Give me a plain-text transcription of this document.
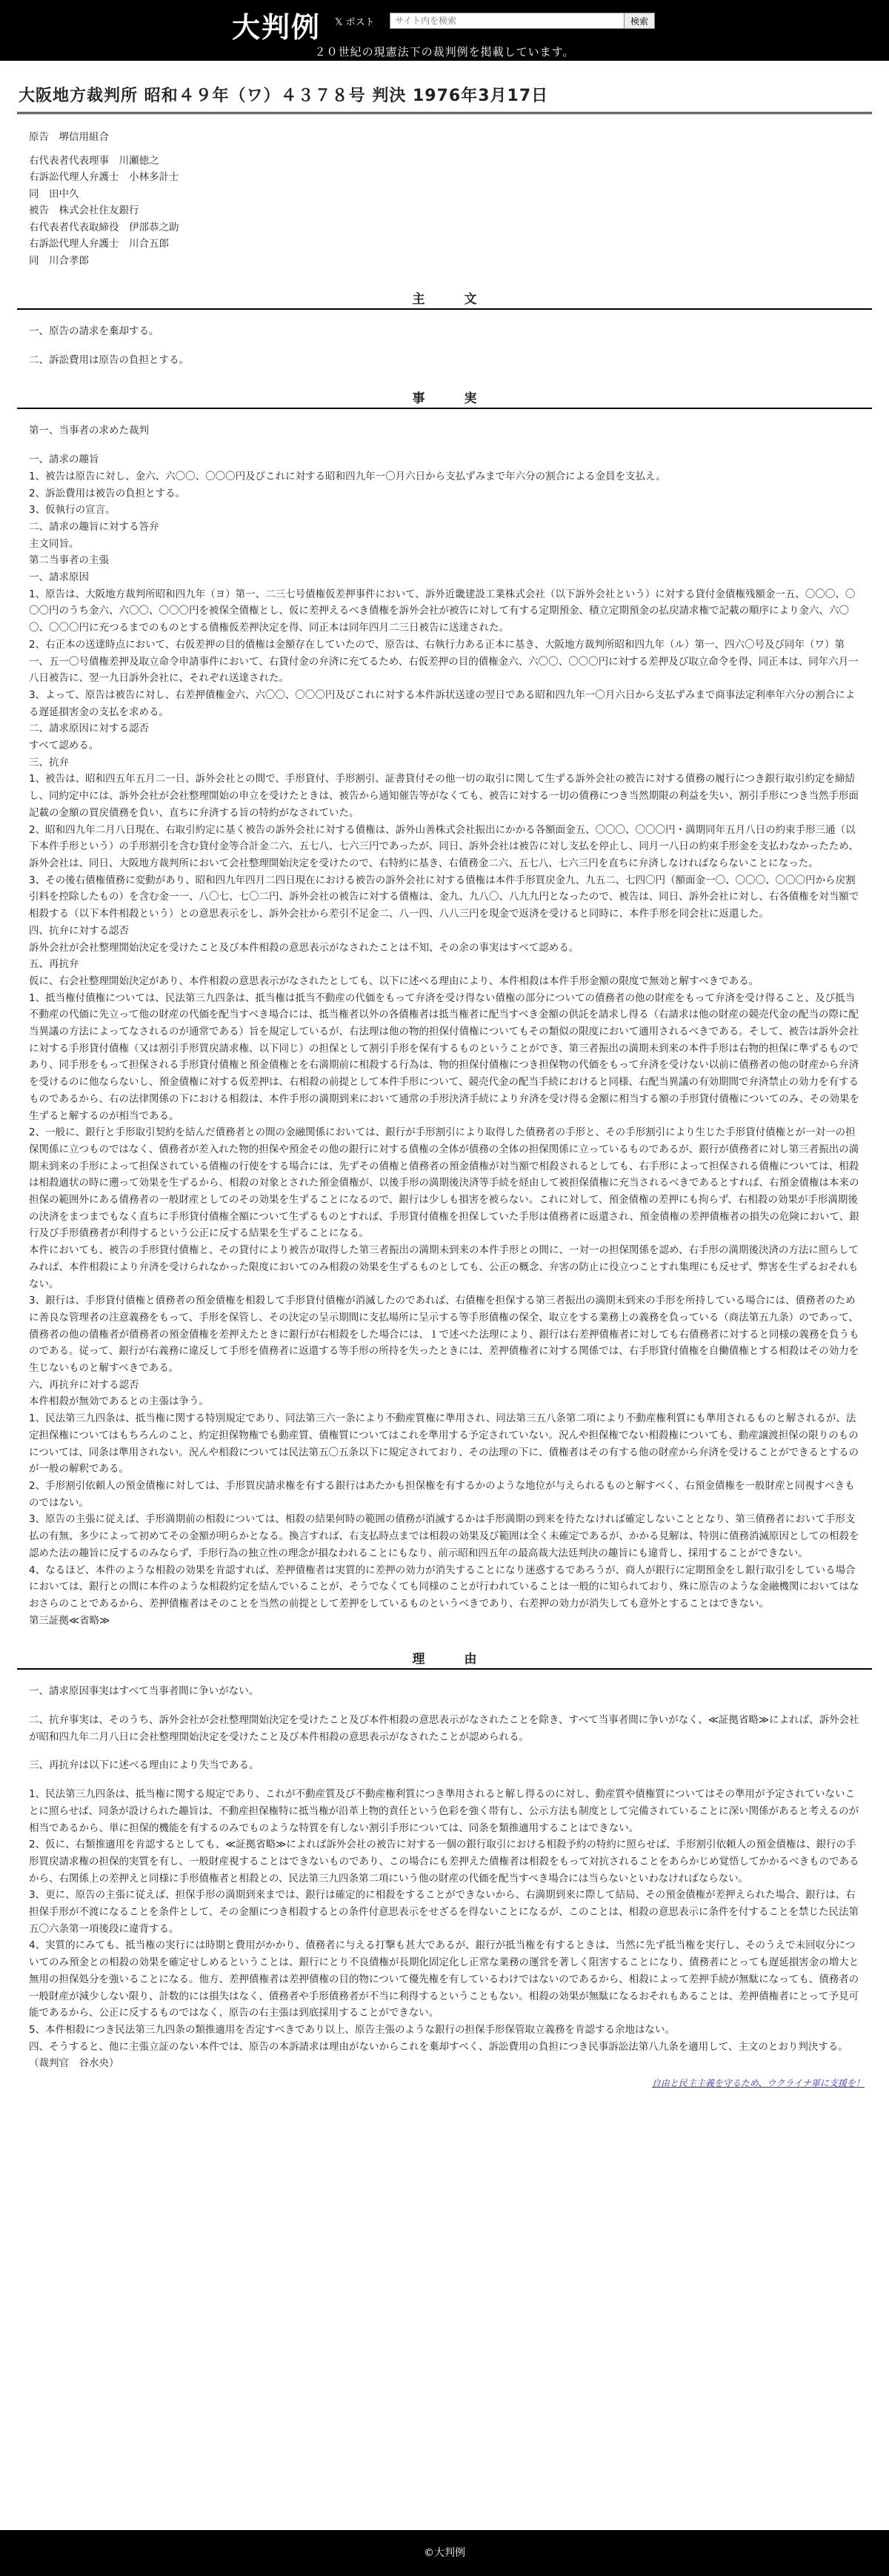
大判例 𝕏 ポスト
サイト内を検索	検索
２０世紀の現憲法下の裁判例を掲載しています。
大阪地方裁判所 昭和４９年（ワ）４３７８号 判決 1976年3月17日
原告　堺信用組合
右代表者代表理事　川瀬徳之
右訴訟代理人弁護士　小林多計士
同　田中久
被告　株式会社住友銀行
右代表者代表取締役　伊部恭之助
右訴訟代理人弁護士　川合五郎
同　川合孝郎
主　文

一、原告の請求を棄却する。

二、訴訟費用は原告の負担とする。

事　実

第一、当事者の求めた裁判

一、請求の趣旨

1、被告は原告に対し、金六、六〇〇、〇〇〇円及びこれに対する昭和四九年一〇月六日から支払ずみまで年六分の割合による金員を支払え。

2、訴訟費用は被告の負担とする。

3、仮執行の宣言。

二、請求の趣旨に対する答弁

主文同旨。

第二当事者の主張

一、請求原因

1、原告は、大阪地方裁判所昭和四九年（ヨ）第一、二三七号債権仮差押事件において、訴外近畿建設工業株式会社（以下訴外会社という）に対する貸付金債権残額金一五、〇〇〇、〇〇〇円のうち金六、六〇〇、〇〇〇円を被保全債権とし、仮に差押えるべき債権を訴外会社が被告に対して有する定期預金、積立定期預金の払戻請求権で記載の順序により金六、六〇〇、〇〇〇円に充つるまでのものとする債権仮差押決定を得、同正本は同年四月二三日被告に送達された。

2、右正本の送達時点において、右仮差押の目的債権は金額存在していたので、原告は、右執行力ある正本に基き、大阪地方裁判所昭和四九年（ル）第一、四六〇号及び同年（ワ）第一、五一〇号債権差押及取立命令申請事件において、右貸付金の弁済に充てるため、右仮差押の目的債権金六、六〇〇、〇〇〇円に対する差押及び取立命令を得、同正本は、同年六月一八日被告に、翌一九日訴外会社に、それぞれ送達された。

3、よって、原告は被告に対し、右差押債権金六、六〇〇、〇〇〇円及びこれに対する本件訴状送達の翌日である昭和四九年一〇月六日から支払ずみまで商事法定利率年六分の割合による遅延損害金の支払を求める。

二、請求原因に対する認否

すべて認める。

三、抗弁

1、被告は、昭和四五年五月二一日、訴外会社との間で、手形貸付、手形割引、証書貸付その他一切の取引に関して生ずる訴外会社の被告に対する債務の履行につき銀行取引約定を締結し、同約定中には、訴外会社が会社整理開始の申立を受けたときは、被告から通知催告等がなくても、被告に対する一切の債務につき当然期限の利益を失い、割引手形につき当然手形面記載の金額の買戻債務を負い、直ちに弁済する旨の特約がなされていた。

2、昭和四九年二月八日現在、右取引約定に基く被告の訴外会社に対する債権は、訴外山善株式会社振出にかかる各額面金五、〇〇〇、〇〇〇円・満期同年五月八日の約束手形三通（以下本件手形という）の手形割引を含む貸付金等合計金二六、五七八、七六三円であったが、同日、訴外会社は被告に対し支払を停止し、同月一八日の約束手形金を支払わなかったため、訴外会社は、同日、大阪地方裁判所において会社整理開始決定を受けたので、右特約に基き、右債務金二六、五七八、七六三円を直ちに弁済しなければならないことになった。

3、その後右債権債務に変動があり、昭和四九年四月二四日現在における被告の訴外会社に対する債権は本件手形買戻金九、九五二、七四〇円（額面金一〇、〇〇〇、〇〇〇円から戻割引料を控除したもの）を含む金一一、八〇七、七〇二円、訴外会社の被告に対する債権は、金九、九八〇、八九九円となったので、被告は、同日、訴外会社に対し、右各債権を対当額で相殺する（以下本件相殺という）との意思表示をし、訴外会社から差引不足金二、八一四、八八三円を現金で返済を受けると同時に、本件手形を同会社に返還した。

四、抗弁に対する認否

訴外会社が会社整理開始決定を受けたこと及び本件相殺の意思表示がなされたことは不知、その余の事実はすべて認める。

五、再抗弁

仮に、右会社整理開始決定があり、本件相殺の意思表示がなされたとしても、以下に述べる理由により、本件相殺は本件手形金額の限度で無効と解すべきである。

1、抵当権付債権については、民法第三九四条は、抵当権は抵当不動産の代価をもって弁済を受け得ない債権の部分についての債務者の他の財産をもって弁済を受け得ること、及び抵当不動産の代価に先立って他の財産の代価を配当すべき場合には、抵当権者以外の各債権者は抵当権者に配当すべき金額の供託を請求し得る（右請求は他の財産の競売代金の配当の際に配当異議の方法によってなされるのが通常である）旨を規定しているが、右法理は他の物的担保付債権についてもその類似の限度において適用されるべきである。そして、被告は訴外会社に対する手形貸付債権（又は割引手形買戻請求権、以下同じ）の担保として割引手形を保有するものということができ、第三者振出の満期未到来の本件手形は右物的担保に準ずるものであり、同手形をもって担保される手形貸付債権と預金債権とを右満期前に相殺する行為は、物的担保付債権につき担保物の代価をもって弁済を受けない以前に債務者の他の財産から弁済を受けるのに他ならないし、預金債権に対する仮差押は、右相殺の前提として本件手形について、競売代金の配当手続におけると同様、右配当異議の有効期間で弁済禁止の効力を有するものであるから、右の法律関係の下における相殺は、本件手形の満期到来において通常の手形決済手続により弁済を受け得る金額に相当する額の手形貸付債権についてのみ、その効果を生ずると解するのが相当である。

2、一般に、銀行と手形取引契約を結んだ債務者との間の金融関係においては、銀行が手形割引により取得した債務者の手形と、その手形割引により生じた手形貸付債権とが一対一の担保関係に立つものではなく、債務者が差入れた物的担保や預金その他の銀行に対する債権の全体が債務の全体の担保関係に立っているものであるが、銀行が債務者に対し第三者振出の満期未到来の手形によって担保されている債権の行使をする場合には、先ずその債権と債務者の預金債権が対当額で相殺されるとしても、右手形によって担保される債権については、相殺は相殺適状の時に遡って効果を生ずるから、相殺の対象とされた預金債権が、以後手形の満期後決済等手続を経由して被担保債権に充当されるべきであるとすれば、右預金債権は本来の担保の範囲外にある債務者の一般財産としてのその効果を生ずることになるので、銀行は少しも損害を被らない。これに対して、預金債権の差押にも拘らず、右相殺の効果が手形満期後の決済をまつまでもなく直ちに手形貸付債権全額について生ずるものとすれば、手形貸付債権を担保していた手形は債務者に返還され、預金債権の差押債権者の損失の危険において、銀行及び手形債務者が利得するという公正に反する結果を生ずることになる。

本件においても、被告の手形貸付債権と、その貸付により被告が取得した第三者振出の満期未到来の本件手形との間に、一対一の担保関係を認め、右手形の満期後決済の方法に照らしてみれば、本件相殺により弁済を受けられなかった限度においてのみ相殺の効果を生ずるものとしても、公正の概念、弁害の防止に役立つことすれ集理にも反せず、弊害を生ずるおそれもない。

3、銀行は、手形貸付債権と債務者の預金債権を相殺して手形貸付債権が消滅したのであれば、右債権を担保する第三者振出の満期未到来の手形を所持している場合には、債務者のために善良な管理者の注意義務をもって、手形を保管し、その決定の呈示期間に支払場所に呈示する等手形債権の保全、取立をする業務上の義務を負っている（商法第五九条）のであって、債務者の他の債権者が債務者の預金債権を差押えたときに銀行が右相殺をした場合には、１で述べた法理により、銀行は右差押債権者に対しても右債務者に対すると同様の義務を負うものである。従って、銀行が右義務に違反して手形を債務者に返還する等手形の所持を失ったときには、差押債権者に対する関係では、右手形貸付債権を自働債権とする相殺はその効力を生じないものと解すべきである。

六、再抗弁に対する認否

本件相殺が無効であるとの主張は争う。

1、民法第三九四条は、抵当権に関する特別規定であり、同法第三六一条により不動産質権に準用され、同法第三五八条第二項により不動産権利質にも準用されるものと解されるが、法定担保権についてはもちろんのこと、約定担保物権でも動産質、債権質についてはこれを準用する予定されていない。況んや担保権でない相殺権についても、動産譲渡担保の限りのものについては、同条は準用されない。況んや相殺については民法第五〇五条以下に規定されており、その法理の下に、債権者はその有する他の財産から弁済を受けることができるとするのが一般の解釈である。

2、手形割引依頼人の預金債権に対しては、手形買戻請求権を有する銀行はあたかも担保権を有するかのような地位が与えられるものと解すべく、右預金債権を一般財産と同視すべきものではない。

3、原告の主張に従えば、手形満期前の相殺については、相殺の結果何時の範囲の債務が消滅するかは手形満期の到来を待たなければ確定しないこととなり、第三債務者において手形支払の有無、多少によって初めてその金額が明らかとなる。換言すれば、右支払時点までは相殺の効果及び範囲は全く未確定であるが、かかる見解は、特別に債務消滅原因としての相殺を認めた法の趣旨に反するのみならず、手形行為の独立性の理念が損なわれることにもなり、前示昭和四五年の最高裁大法廷判決の趣旨にも違背し、採用することができない。

4、なるほど、本件のような相殺の効果を肯認すれば、差押債権者は実質的に差押の効力が消失することになり迷惑するであろうが、商人が銀行に定期預金をし銀行取引をしている場合においては、銀行との間に本件のような相殺約定を結んでいることが、そうでなくても同様のことが行われていることは一般的に知られており、殊に原告のような金融機関においてはなおさらのことであるから、差押債権者はそのことを当然の前提として差押をしているものというべきであり、右差押の効力が消失しても意外とすることはできない。

第三証拠≪省略≫

理　由

一、請求原因事実はすべて当事者間に争いがない。

二、抗弁事実は、そのうち、訴外会社が会社整理開始決定を受けたこと及び本件相殺の意思表示がなされたことを除き、すべて当事者間に争いがなく、≪証拠省略≫によれば、訴外会社が昭和四九年二月八日に会社整理開始決定を受けたこと及び本件相殺の意思表示がなされたことが認められる。

三、再抗弁は以下に述べる理由により失当である。

1、民法第三九四条は、抵当権に関する規定であり、これが不動産質及び不動産権利質につき準用されると解し得るのに対し、動産質や債権質についてはその準用が予定されていないことに照らせば、同条が設けられた趣旨は、不動産担保権特に抵当権が沿革上物的責任という色彩を強く帯有し、公示方法も制度として完備されていることに深い関係があると考えるのが相当であるから、単に担保的機能を有するのみでものような特質を有しない割引手形については、同条を類推適用することはできない。

2、仮に、右類推適用を肯認するとしても、≪証拠省略≫によれば訴外会社の被告に対する一個の銀行取引における相殺予約の特約に照らせば、手形割引依頼人の預金債権は、銀行の手形買戻請求権の担保的実質を有し、一般財産視することはできないものであり、この場合にも差押えた債権者は相殺をもって対抗されることをあらかじめ覚悟してかかるべきものであるから、右関係上の差押えと同様に手形債権者と相殺との、民法第三九四条第二項にいう他の財産の代価を配当すべき場合には当らないといわなければならない。

3、更に、原告の主張に従えば、担保手形の満期到来までは、銀行は確定的に相殺をすることができないから、右満期到来に際して結局、その預金債権が差押えられた場合、銀行は、右担保手形が不渡になることを条件として、その金額につき相殺するとの条件付意思表示をせざるを得ないことになるが、このことは、相殺の意思表示に条件を付することを禁じた民法第五〇六条第一項後段に違背する。

4、実質的にみても、抵当権の実行には時期と費用がかかり、債務者に与える打撃も甚大であるが、銀行が抵当権を有するときは、当然に先ず抵当権を実行し、そのうえで未回収分についてのみ預金との相殺の効果を確定せしめるということは、銀行にとり不良債権が長期化固定化し正常な業務の運営を著しく阻害することになり、債務者にとっても遅延損害金の増大と無用の担保処分を強いることになる。他方、差押債権者は差押債権の目的物について優先権を有しているわけではないのであるから、相殺によって差押手続が無駄になっても、債務者の一般財産が減少しない限り、計数的には損失はなく、債務者や手形債務者が不当に利得するということもない。相殺の効果が無駄になるおそれもあることは、差押債権者にとって予見可能であるから、公正に反するものではなく、原告の右主張は到底採用することができない。

5、本件相殺につき民法第三九四条の類推適用を否定すべきであり以上、原告主張のような銀行の担保手形保管取立義務を肯認する余地はない。

四、そうすると、他に主張立証のない本件では、原告の本訴請求は理由がないからこれを棄却すべく、訴訟費用の負担につき民事訴訟法第八九条を適用して、主文のとおり判決する。

（裁判官　谷水央）

自由と民主主義を守るため、ウクライナ軍に支援を！
©大判例
